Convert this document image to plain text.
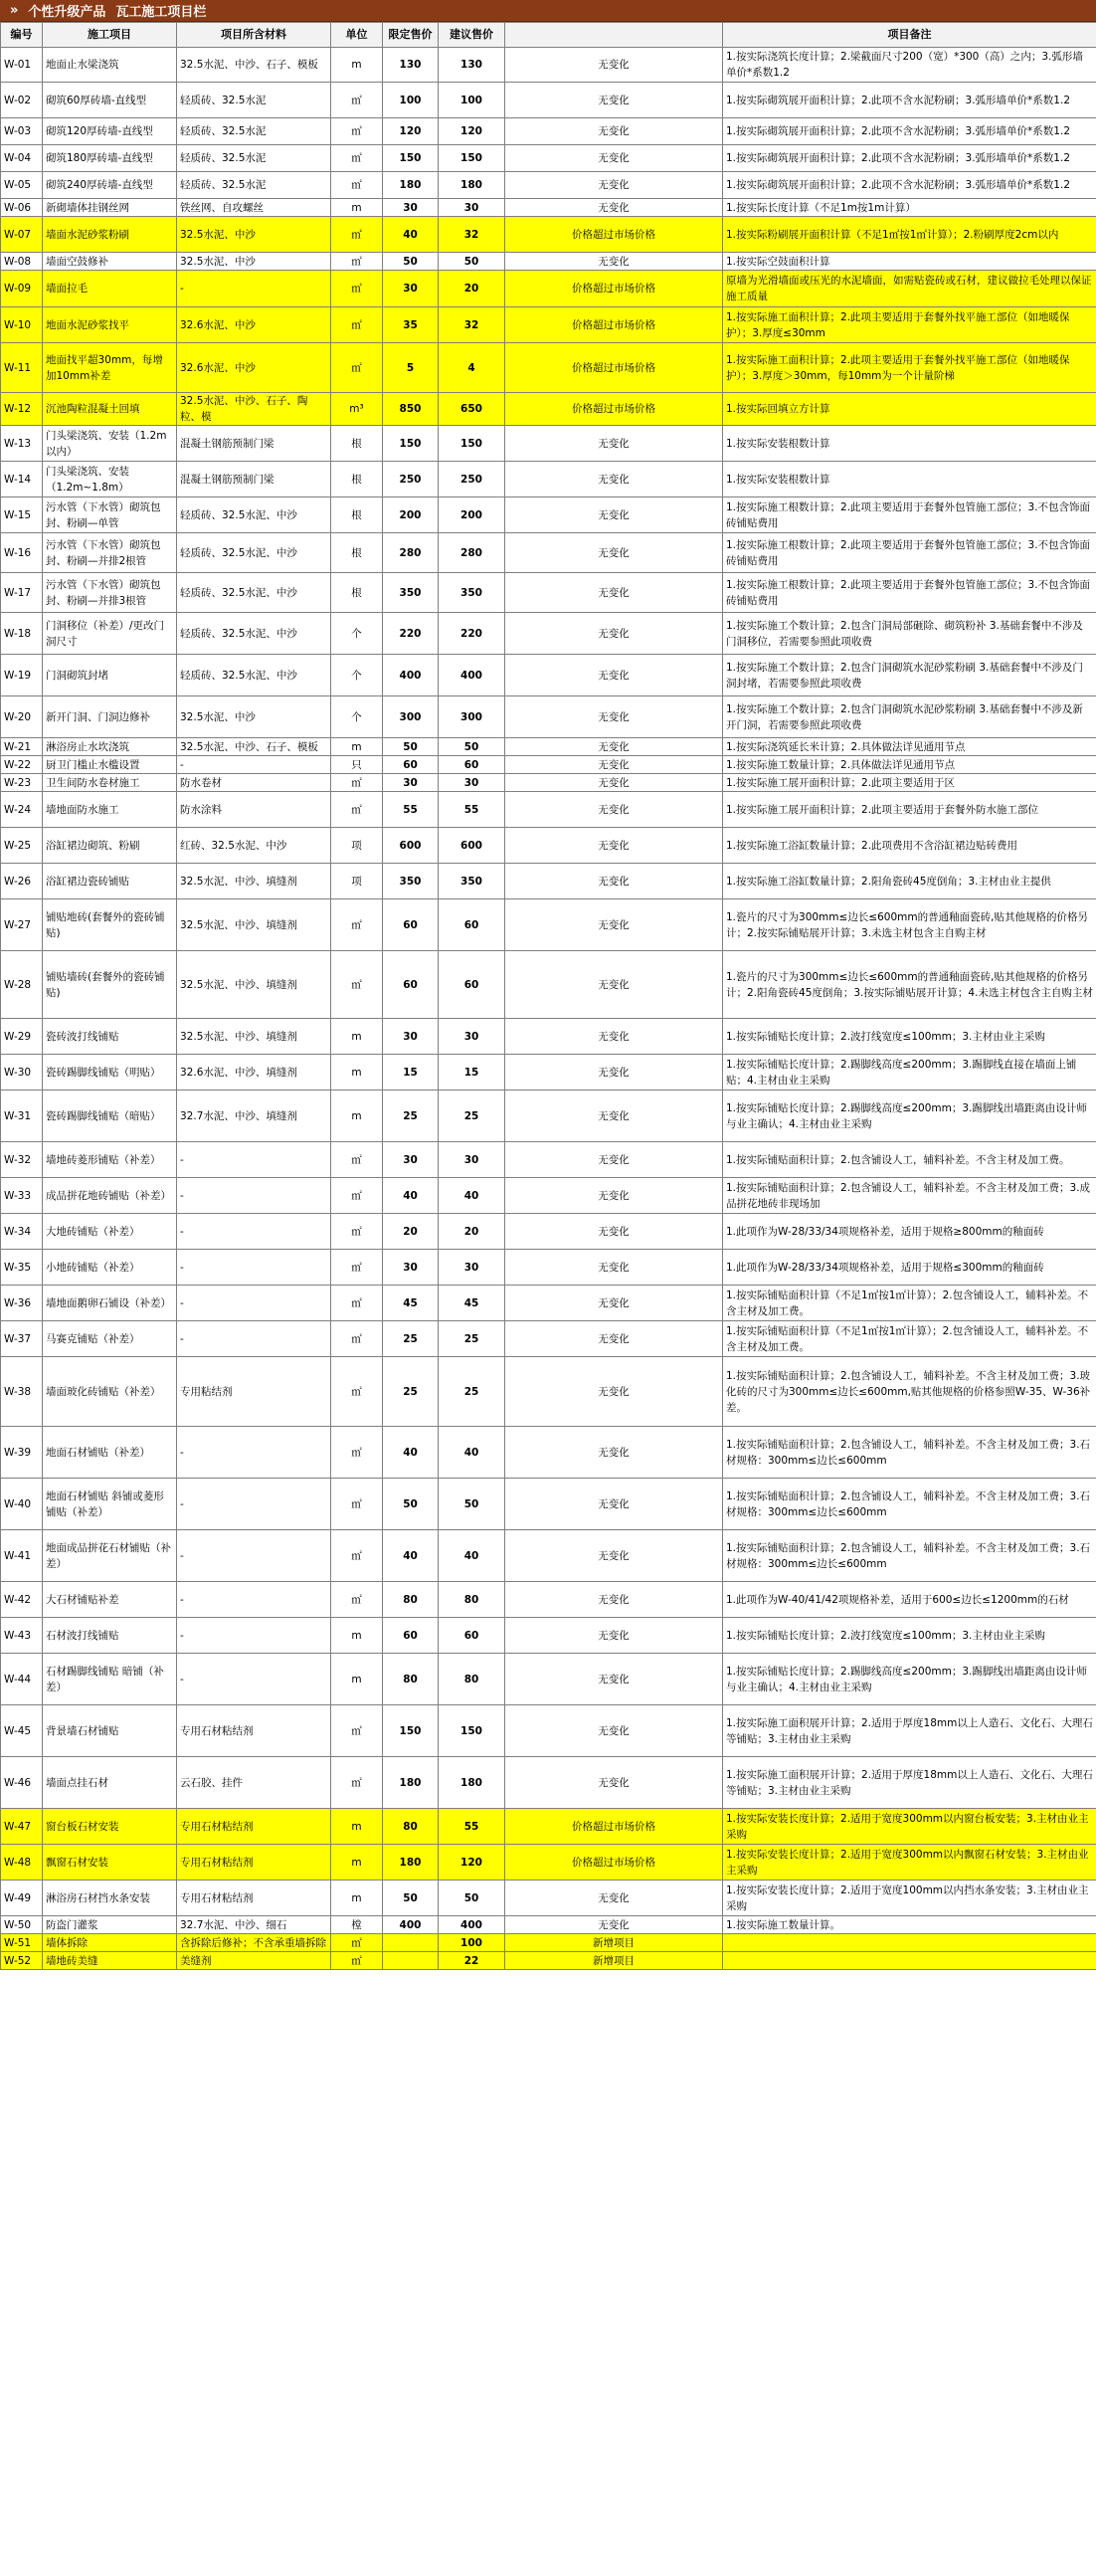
» 个性升级产品 瓦工施工项目栏
编号	施工项目	项目所含材料	单位	限定售价	建议售价		项目备注
W-01	地面止水梁浇筑	32.5水泥、中沙、石子、模板	m	130	130	无变化	1.按实际浇筑长度计算；2.梁截面尺寸200（宽）*300（高）之内；3.弧形墙单价*系数1.2
W-02	砌筑60厚砖墙-直线型	轻质砖、32.5水泥	㎡	100	100	无变化	1.按实际砌筑展开面积计算；2.此项不含水泥粉刷；3.弧形墙单价*系数1.2
W-03	砌筑120厚砖墙-直线型	轻质砖、32.5水泥	㎡	120	120	无变化	1.按实际砌筑展开面积计算；2.此项不含水泥粉刷；3.弧形墙单价*系数1.2
W-04	砌筑180厚砖墙-直线型	轻质砖、32.5水泥	㎡	150	150	无变化	1.按实际砌筑展开面积计算；2.此项不含水泥粉刷；3.弧形墙单价*系数1.2
W-05	砌筑240厚砖墙-直线型	轻质砖、32.5水泥	㎡	180	180	无变化	1.按实际砌筑展开面积计算；2.此项不含水泥粉刷；3.弧形墙单价*系数1.2
W-06	新砌墙体挂钢丝网	铁丝网、自攻螺丝	m	30	30	无变化	1.按实际长度计算（不足1m按1m计算）
W-07	墙面水泥砂浆粉刷	32.5水泥、中沙	㎡	40	32	价格超过市场价格	1.按实际粉刷展开面积计算（不足1㎡按1㎡计算）；2.粉刷厚度2cm以内
W-08	墙面空鼓修补	32.5水泥、中沙	㎡	50	50	无变化	1.按实际空鼓面积计算
W-09	墙面拉毛	-	㎡	30	20	价格超过市场价格	原墙为光滑墙面或压光的水泥墙面，如需贴瓷砖或石材，建议做拉毛处理以保证施工质量
W-10	地面水泥砂浆找平	32.6水泥、中沙	㎡	35	32	价格超过市场价格	1.按实际施工面积计算；2.此项主要适用于套餐外找平施工部位（如地暖保护）；3.厚度≤30mm
W-11	地面找平超30mm，每增加10mm补差	32.6水泥、中沙	㎡	5	4	价格超过市场价格	1.按实际施工面积计算；2.此项主要适用于套餐外找平施工部位（如地暖保护）；3.厚度＞30mm，每10mm为一个计量阶梯
W-12	沉池陶粒混凝土回填	32.5水泥、中沙、石子、陶粒、模	m³	850	650	价格超过市场价格	1.按实际回填立方计算
W-13	门头梁浇筑、安装（1.2m以内）	混凝土钢筋预制门梁	根	150	150	无变化	1.按实际安装根数计算
W-14	门头梁浇筑、安装（1.2m~1.8m）	混凝土钢筋预制门梁	根	250	250	无变化	1.按实际安装根数计算
W-15	污水管（下水管）砌筑包封、粉刷—单管	轻质砖、32.5水泥、中沙	根	200	200	无变化	1.按实际施工根数计算；2.此项主要适用于套餐外包管施工部位；3.不包含饰面砖铺贴费用
W-16	污水管（下水管）砌筑包封、粉刷—并排2根管	轻质砖、32.5水泥、中沙	根	280	280	无变化	1.按实际施工根数计算；2.此项主要适用于套餐外包管施工部位；3.不包含饰面砖铺贴费用
W-17	污水管（下水管）砌筑包封、粉刷—并排3根管	轻质砖、32.5水泥、中沙	根	350	350	无变化	1.按实际施工根数计算；2.此项主要适用于套餐外包管施工部位；3.不包含饰面砖铺贴费用
W-18	门洞移位（补差）/更改门洞尺寸	轻质砖、32.5水泥、中沙	个	220	220	无变化	1.按实际施工个数计算；2.包含门洞局部砸除、砌筑粉补 3.基础套餐中不涉及门洞移位，若需要参照此项收费
W-19	门洞砌筑封堵	轻质砖、32.5水泥、中沙	个	400	400	无变化	1.按实际施工个数计算；2.包含门洞砌筑水泥砂浆粉刷 3.基础套餐中不涉及门洞封堵，若需要参照此项收费
W-20	新开门洞、门洞边修补	32.5水泥、中沙	个	300	300	无变化	1.按实际施工个数计算；2.包含门洞砌筑水泥砂浆粉刷 3.基础套餐中不涉及新开门洞，若需要参照此项收费
W-21	淋浴房止水坎浇筑	32.5水泥、中沙、石子、模板	m	50	50	无变化	1.按实际浇筑延长米计算；2.具体做法详见通用节点
W-22	厨卫门槛止水槛设置	-	只	60	60	无变化	1.按实际施工数量计算；2.具体做法详见通用节点
W-23	卫生间防水卷材施工	防水卷材	㎡	30	30	无变化	1.按实际施工展开面积计算；2.此项主要适用于区
W-24	墙地面防水施工	防水涂料	㎡	55	55	无变化	1.按实际施工展开面积计算；2.此项主要适用于套餐外防水施工部位
W-25	浴缸裙边砌筑、粉刷	红砖、32.5水泥、中沙	项	600	600	无变化	1.按实际施工浴缸数量计算；2.此项费用不含浴缸裙边贴砖费用
W-26	浴缸裙边瓷砖铺贴	32.5水泥、中沙、填缝剂	项	350	350	无变化	1.按实际施工浴缸数量计算；2.阳角瓷砖45度倒角；3.主材由业主提供
W-27	铺贴地砖(套餐外的瓷砖铺贴)	32.5水泥、中沙、填缝剂	㎡	60	60	无变化	1.瓷片的尺寸为300mm≤边长≤600mm的普通釉面瓷砖,贴其他规格的价格另计；2.按实际铺贴展开计算；3.未选主材包含主自购主材
W-28	铺贴墙砖(套餐外的瓷砖铺贴)	32.5水泥、中沙、填缝剂	㎡	60	60	无变化	1.瓷片的尺寸为300mm≤边长≤600mm的普通釉面瓷砖,贴其他规格的价格另计；2.阳角瓷砖45度倒角；3.按实际铺贴展开计算；4.未选主材包含主自购主材
W-29	瓷砖波打线铺贴	32.5水泥、中沙、填缝剂	m	30	30	无变化	1.按实际铺贴长度计算；2.波打线宽度≤100mm；3.主材由业主采购
W-30	瓷砖踢脚线铺贴（明贴）	32.6水泥、中沙、填缝剂	m	15	15	无变化	1.按实际铺贴长度计算；2.踢脚线高度≤200mm；3.踢脚线直接在墙面上铺贴；4.主材由业主采购
W-31	瓷砖踢脚线铺贴（暗贴）	32.7水泥、中沙、填缝剂	m	25	25	无变化	1.按实际铺贴长度计算；2.踢脚线高度≤200mm；3.踢脚线出墙距离由设计师与业主确认；4.主材由业主采购
W-32	墙地砖菱形铺贴（补差）	-	㎡	30	30	无变化	1.按实际铺贴面积计算；2.包含铺设人工，辅料补差。不含主材及加工费。
W-33	成品拼花地砖铺贴（补差）	-	㎡	40	40	无变化	1.按实际铺贴面积计算；2.包含铺设人工，辅料补差。不含主材及加工费；3.成品拼花地砖非现场加
W-34	大地砖铺贴（补差）	-	㎡	20	20	无变化	1.此项作为W-28/33/34项规格补差，适用于规格≥800mm的釉面砖
W-35	小地砖铺贴（补差）	-	㎡	30	30	无变化	1.此项作为W-28/33/34项规格补差，适用于规格≤300mm的釉面砖
W-36	墙地面鹅卵石铺设（补差）	-	㎡	45	45	无变化	1.按实际铺贴面积计算（不足1㎡按1㎡计算）；2.包含铺设人工，辅料补差。不含主材及加工费。
W-37	马赛克铺贴（补差）	-	㎡	25	25	无变化	1.按实际铺贴面积计算（不足1㎡按1㎡计算）；2.包含铺设人工，辅料补差。不含主材及加工费。
W-38	墙面玻化砖铺贴（补差）	专用粘结剂	㎡	25	25	无变化	1.按实际铺贴面积计算；2.包含铺设人工，辅料补差。不含主材及加工费；3.玻化砖的尺寸为300mm≤边长≤600mm,贴其他规格的价格参照W-35、W-36补差。
W-39	地面石材铺贴（补差）	-	㎡	40	40	无变化	1.按实际铺贴面积计算；2.包含铺设人工，辅料补差。不含主材及加工费；3.石材规格：300mm≤边长≤600mm
W-40	地面石材铺贴 斜铺或菱形铺贴（补差）	-	㎡	50	50	无变化	1.按实际铺贴面积计算；2.包含铺设人工，辅料补差。不含主材及加工费；3.石材规格：300mm≤边长≤600mm
W-41	地面成品拼花石材铺贴（补差）	-	㎡	40	40	无变化	1.按实际铺贴面积计算；2.包含铺设人工，辅料补差。不含主材及加工费；3.石材规格：300mm≤边长≤600mm
W-42	大石材铺贴补差	-	㎡	80	80	无变化	1.此项作为W-40/41/42项规格补差，适用于600≤边长≤1200mm的石材
W-43	石材波打线铺贴	-	m	60	60	无变化	1.按实际铺贴长度计算；2.波打线宽度≤100mm；3.主材由业主采购
W-44	石材踢脚线铺贴 暗铺（补差）	-	m	80	80	无变化	1.按实际铺贴长度计算；2.踢脚线高度≤200mm；3.踢脚线出墙距离由设计师与业主确认；4.主材由业主采购
W-45	背景墙石材铺贴	专用石材粘结剂	㎡	150	150	无变化	1.按实际施工面积展开计算；2.适用于厚度18mm以上人造石、文化石、大理石等铺贴；3.主材由业主采购
W-46	墙面点挂石材	云石胶、挂件	㎡	180	180	无变化	1.按实际施工面积展开计算；2.适用于厚度18mm以上人造石、文化石、大理石等铺贴；3.主材由业主采购
W-47	窗台板石材安装	专用石材粘结剂	m	80	55	价格超过市场价格	1.按实际安装长度计算；2.适用于宽度300mm以内窗台板安装；3.主材由业主采购
W-48	飘窗石材安装	专用石材粘结剂	m	180	120	价格超过市场价格	1.按实际安装长度计算；2.适用于宽度300mm以内飘窗石材安装；3.主材由业主采购
W-49	淋浴房石材挡水条安装	专用石材粘结剂	m	50	50	无变化	1.按实际安装长度计算；2.适用于宽度100mm以内挡水条安装；3.主材由业主采购
W-50	防盗门灌浆	32.7水泥、中沙、细石	樘	400	400	无变化	1.按实际施工数量计算。
W-51	墙体拆除	含拆除后修补；不含承重墙拆除	㎡		100	新增项目	
W-52	墙地砖美缝	美缝剂	㎡		22	新增项目	
